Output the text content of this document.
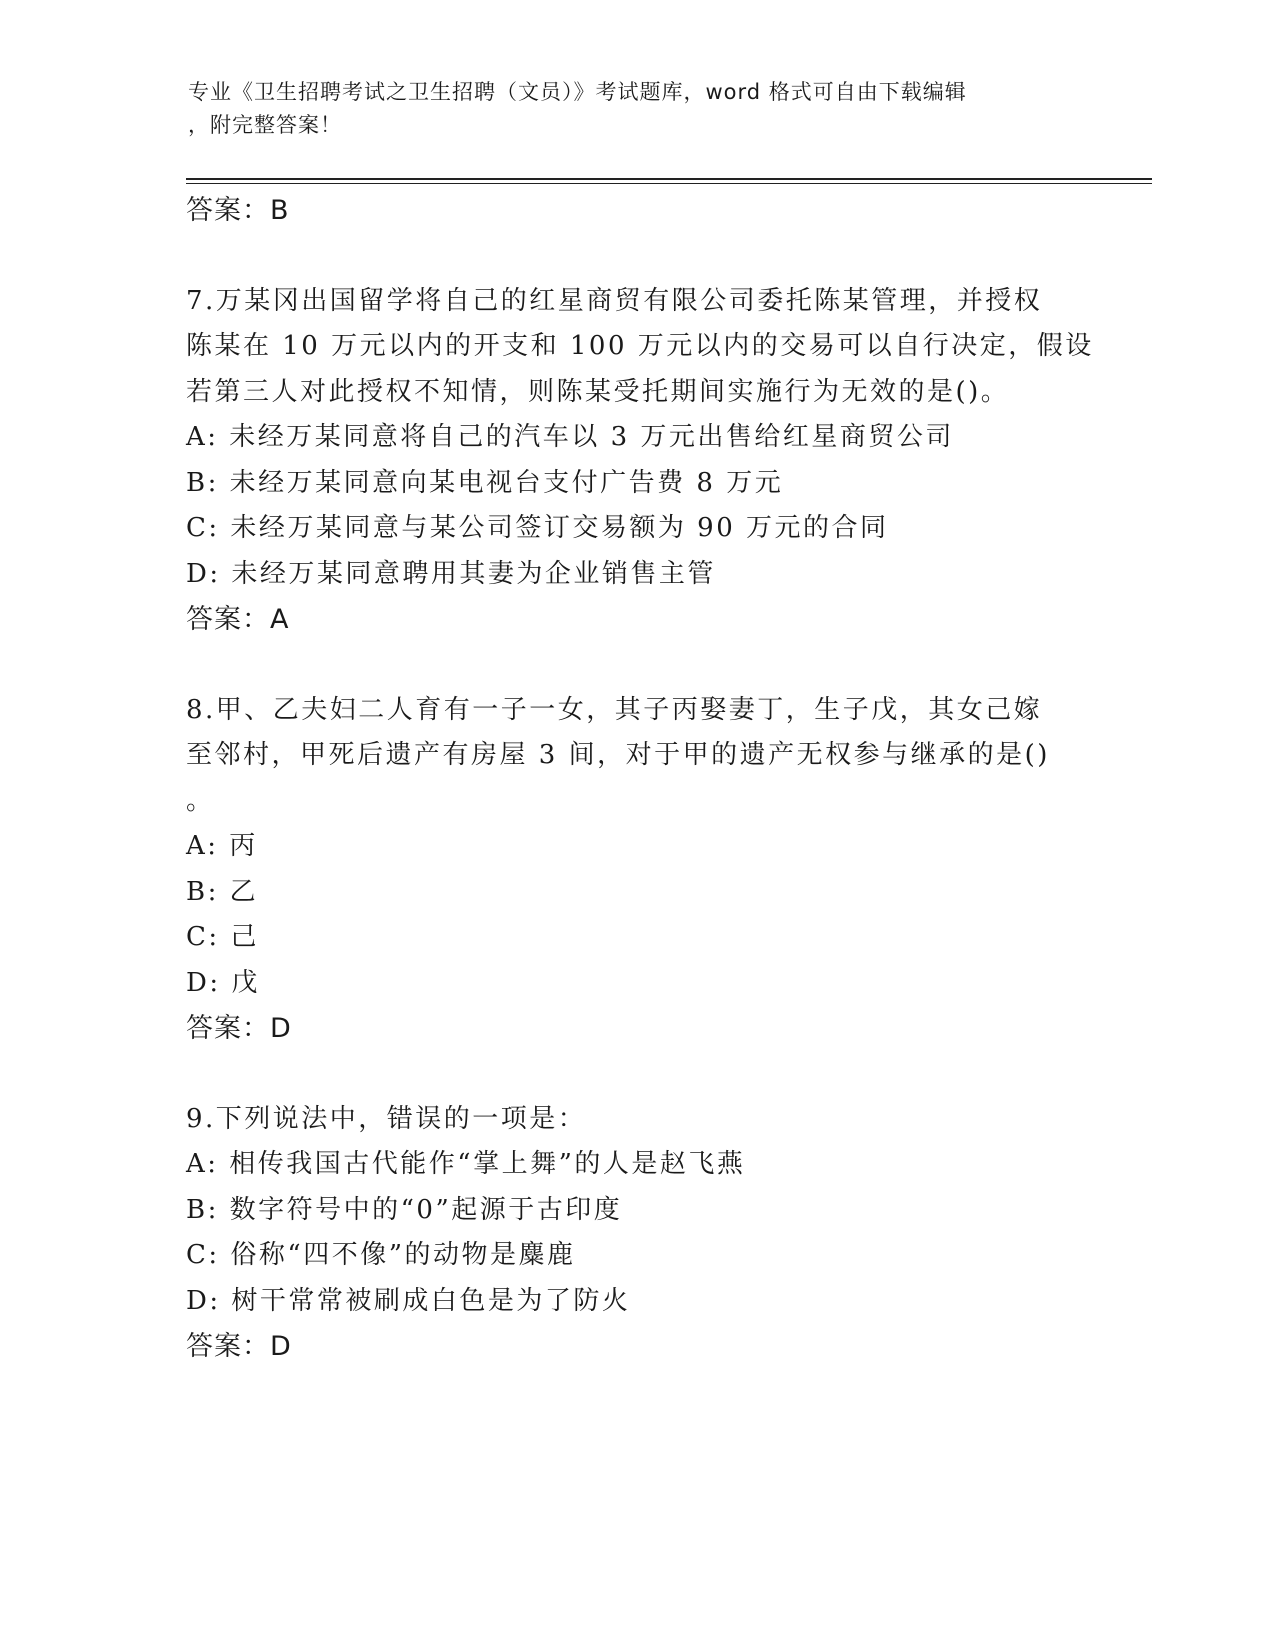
专业《卫生招聘考试之卫生招聘（文员）》考试题库，word 格式可自由下载编辑
，附完整答案！
答案：B
7.万某冈出国留学将自己的红星商贸有限公司委托陈某管理，并授权
陈某在 10 万元以内的开支和 100 万元以内的交易可以自行决定，假设
若第三人对此授权不知情，则陈某受托期间实施行为无效的是()。
A: 未经万某同意将自己的汽车以 3 万元出售给红星商贸公司
B: 未经万某同意向某电视台支付广告费 8 万元
C: 未经万某同意与某公司签订交易额为 90 万元的合同
D: 未经万某同意聘用其妻为企业销售主管
答案：A
8.甲、乙夫妇二人育有一子一女，其子丙娶妻丁，生子戊，其女己嫁
至邻村，甲死后遗产有房屋 3 间，对于甲的遗产无权参与继承的是()
。
A: 丙
B: 乙
C: 己
D: 戊
答案：D
9.下列说法中，错误的一项是：
A: 相传我国古代能作“掌上舞”的人是赵飞燕
B: 数字符号中的“0”起源于古印度
C: 俗称“四不像”的动物是麋鹿
D: 树干常常被刷成白色是为了防火
答案：D
